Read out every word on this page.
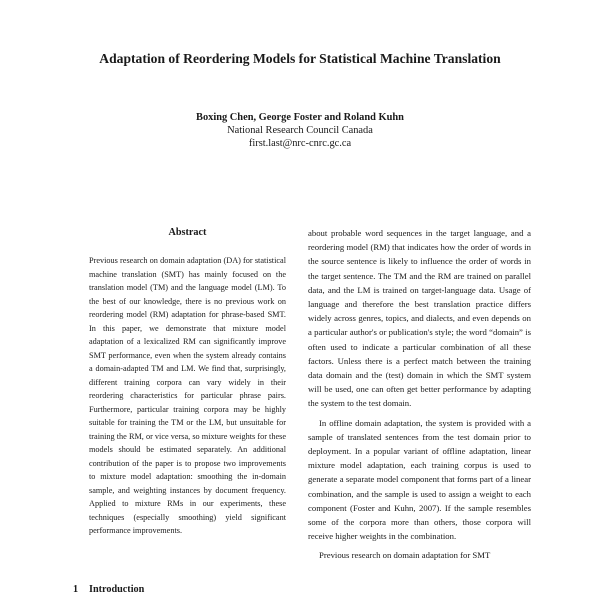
Adaptation of Reordering Models for Statistical Machine Translation
Boxing Chen, George Foster and Roland Kuhn
National Research Council Canada
first.last@nrc-cnrc.gc.ca
Abstract

Previous research on domain adaptation (DA) for statistical machine translation (SMT) has mainly focused on the translation model (TM) and the language model (LM). To the best of our knowledge, there is no previous work on reordering model (RM) adaptation for phrase-based SMT. In this paper, we demonstrate that mixture model adaptation of a lexicalized RM can significantly improve SMT performance, even when the system already contains a domain-adapted TM and LM. We find that, surprisingly, different training corpora can vary widely in their reordering characteristics for particular phrase pairs. Furthermore, particular training corpora may be highly suitable for training the TM or the LM, but unsuitable for training the RM, or vice versa, so mixture weights for these models should be estimated separately. An additional contribution of the paper is to propose two improvements to mixture model adaptation: smoothing the in-domain sample, and weighting instances by document frequency. Applied to mixture RMs in our experiments, these techniques (especially smoothing) yield significant performance improvements.

1 Introduction

about probable word sequences in the target language, and a reordering model (RM) that indicates how the order of words in the source sentence is likely to influence the order of words in the target sentence. The TM and the RM are trained on parallel data, and the LM is trained on target-language data. Usage of language and therefore the best translation practice differs widely across genres, topics, and dialects, and even depends on a particular author's or publication's style; the word “domain” is often used to indicate a particular combination of all these factors. Unless there is a perfect match between the training data domain and the (test) domain in which the SMT system will be used, one can often get better performance by adapting the system to the test domain.

In offline domain adaptation, the system is provided with a sample of translated sentences from the test domain prior to deployment. In a popular variant of offline adaptation, linear mixture model adaptation, each training corpus is used to generate a separate model component that forms part of a linear combination, and the sample is used to assign a weight to each component (Foster and Kuhn, 2007). If the sample resembles some of the corpora more than others, those corpora will receive higher weights in the combination.

Previous research on domain adaptation for SMT
